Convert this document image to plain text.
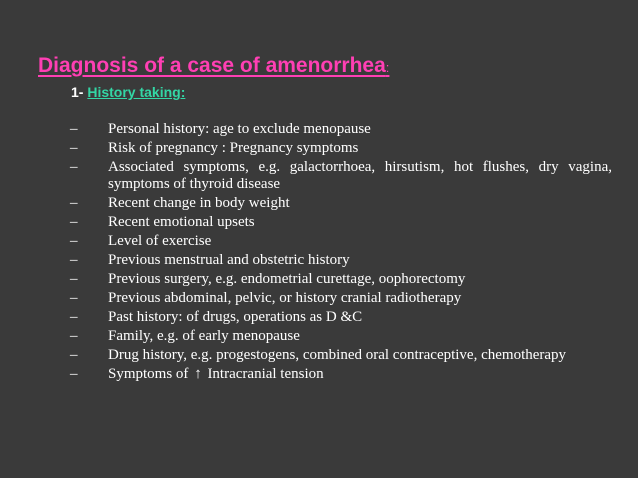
Diagnosis of a case of amenorrhea:
1- History taking:
–	Personal history: age to exclude menopause
–	Risk of pregnancy : Pregnancy symptoms
–	Associated symptoms, e.g. galactorrhoea, hirsutism, hot flushes, dry vagina, symptoms of thyroid disease
–	Recent change in body weight
–	Recent emotional upsets
–	Level of exercise
–	Previous menstrual and obstetric history
–	Previous surgery, e.g. endometrial curettage, oophorectomy
–	Previous abdominal, pelvic, or history cranial radiotherapy
–	Past history: of drugs, operations as D &C
–	Family, e.g. of early menopause
–	Drug history, e.g. progestogens, combined oral contraceptive, chemotherapy
–	Symptoms of ↑ Intracranial tension
